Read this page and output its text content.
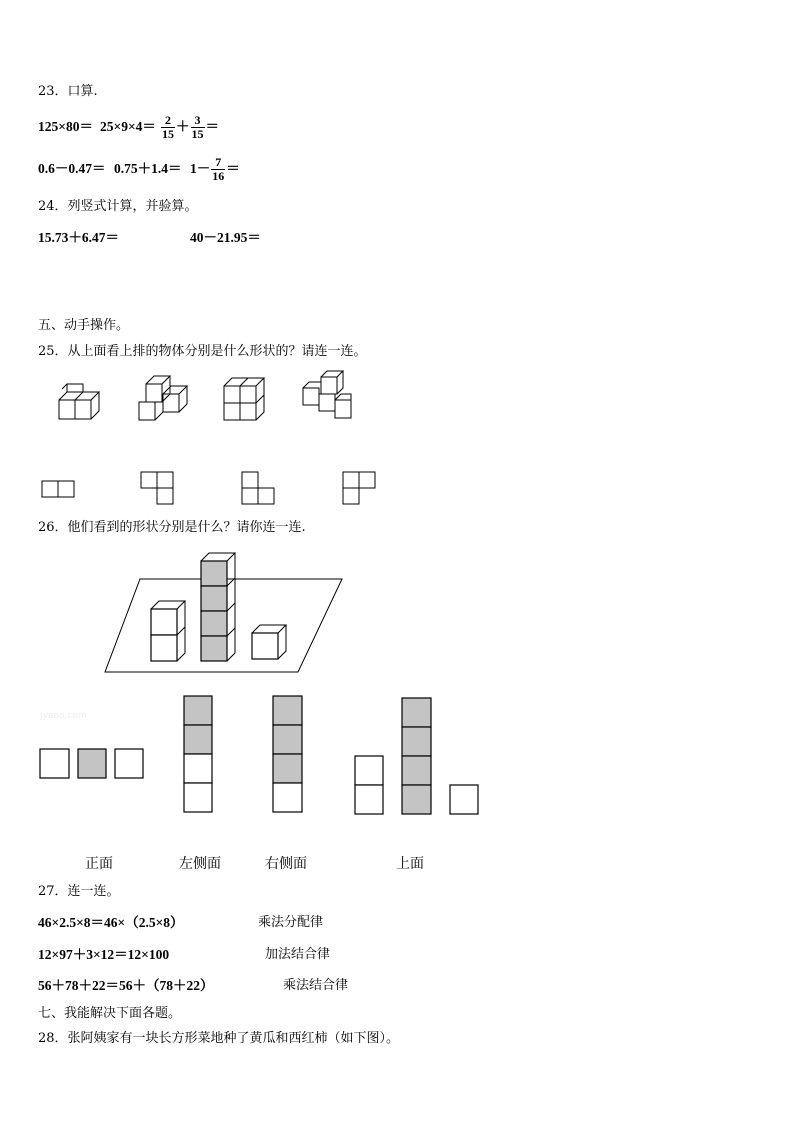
23．口算.
$125\times 80= 25\times 9\times 4= \frac{2}{15} + \frac{3}{15}$ ＝
$0.6-0.47= 0.75+1.4= 1- \frac{7}{16}$ ＝
24．列竖式计算，并验算。
15.73＋6.47＝	40－21.95＝
五、动手操作。
25．从上面看上排的物体分别是什么形状的？请连一连。
26．他们看到的形状分别是什么？请你连一连.
Jyeoo.com
正面	左侧面	右侧面	上面
27．连一连。
46×2.5×8＝46×（2.5×8）	乘法分配律
12×97＋3×12＝12×100	加法结合律
56＋78＋22＝56＋（78＋22）	乘法结合律
七、我能解决下面各题。
28．张阿姨家有一块长方形菜地种了黄瓜和西红柿（如下图）。
